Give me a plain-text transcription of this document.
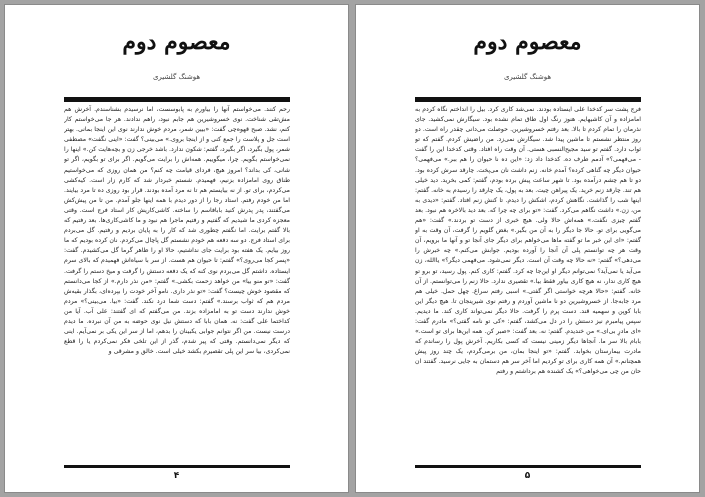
معصوم دوم
هوشنگ گلشیری
رحم کنند. می‌خواستم آنها را بیاورم به پابوسست، اما نرسیدم بشناسندم. آخرش هم مش‌تقی شناخت. نوی خسروشیرین هم جابم نبود، راهم ندادند. هر جا می‌خواستم کار کنم، نشد. صبح قهوه‌چی گفت: «بیین شمر، مردم خوش ندارند نوی این اینجا بمانی. بهتر است جل و پلاست را جمع کنی و از اینجا بروی.» می‌بینی؟ گفت: «اینی نگفت» مصطفی شمر، پول بگیرد، اگر بگیرد، گفتم: شکون ندارد. باشد خرجی زن و بچه‌هایت کن.» اینها را نمی‌خواستم بگویم. چرا، میگوییم. همه‌اش را برایت می‌گویم. اگر برای تو بگویم، اگر تو شانی، کی بداند؟ امروز هیچ، فردای قیامت چه کنم؟ من همان روزی که می‌خواستیم طناق روی امامزاده بزنیم، فهمیدم. شستم خبردار شد که کارم زار است. کیه‌کشی می‌کردم، برای تو. از نه بیایستم هم تا نه مرد آمده بودند. قرار بود روزی ده تا مرد بیایند. اما من خودم رفتم. استاد رجا را از دور دیدم با همه اینها جلو آمدم. من تا من پیش‌کش می‌گفتند، پدر پدرش کنید بابافاسم را ساخته. کاشی‌کاریش کار استاد فرج است. وقتی معجزه کردی ما شیدیم که گفتیم و رفتیم ماجرا هم نبود و ما کاشی‌کاری‌ها. بعد رفتیم که بالا گفتم برایت. اما نگفتم چطوری شد که کار را به پایان بردیم و رفتیم. گل می‌بردم برای استاد فرج. دو سه دفعه هم خودم نشستم گل پاچال می‌کردم. نان کرده بودیم که ما روز بیایم. یک هفته بود برایت جای نداشتیم، حالا او را ظاهر گرما گل می‌کشیدم. گفت: «پسر کجا می‌روی؟» گفتم: تا حیوان هم هست. از سر با سیاه‌اش فهمیدم که بالای سرم ایستاده. داشتم گل می‌بردم نوی کنه که یک دفعه دستش را گرفت و میخ دستم را گرفت. گفت: «تو منو بیا» من خواهد زحمت بکشی.» گفتم: «من نذر دارم.» از کجا می‌دانستم که مقصود خوش چیست؟ گفت: «تو نذر داری. نامو آخر خودت را بپرده‌ای، بگذار بقیه‌ش مردم هم که ثواب برسند.» گفتم: دست شما درد نکند. گفت: «بیا. می‌بینی؟» مردم خوش ندارند دست تو به امامزاده بزند. من می‌گفتم که ای گفتند: علی آب. آیا من کد‌اختما علی گفت: نه. همان بابا که دستش نیل نوی حوضه به من آن نبرده. ما دیدم درست نیست. من اگر نتوانم جوابی یکبینان را بدهم، اما از سر این یکی بر نمی‌آیم. اینی که دیگر نمی‌دانستم. وقتی که پیر شدم، گذر از این تلخی فکر نمی‌کردم یا را قطع نمی‌کردی، بیا سر این پلی تقصیرم بکشد خیلی است. خالق و مشرقی و
۴
معصوم دوم
هوشنگ گلشیری
فرج پشت سر کدخدا علی ایستاده بودند. نمی‌شد کاری کرد. بیل را انداختم نگاه کردم به امامزاده و آن کاشیهایم. هنوز رنگ اول طاق تمام نشده بود. سیگارش نمی‌کشید. جای نذرمان را تمام کردم تا بالا. بعد رفتم خسروشیرین. حوصلت می‌دانی چقدر راه است. دو روز منتظر نشستم تا ماشین پیدا شد. سیگارش نمی‌زد. من راضیش کردم. گفتم که تو ثواب دارد. گفتم تو سید مجیح‌النسبی هستی. آن وقت راه افتاد. وقتی کدخدا این را گفت - می‌فهمی؟» آدمم طرف ده. کدخدا داد زد: «این ده نا حیوان را هم ببر.» می‌فهمی؟ حیوان دیگر چه گناهی کرده؟ آمدم خانه. زنم داشت نان می‌پخت. چارقد سرش کرده بود. دو تا هم چشم درآمده بود. تا شهر ساعت پیش برده بودم، گفتم: کمی بخرید. دید خیلی هم تند. چارقد زنم خرید. یک پیراهن چیت. بعد به پول، یک چارقد را رسیدم به خانه. گفتم: اینها شب را گذاشت. نگاهش کردم، اشکش را دیدم. تا کنش زنم افتاد. گفتم: «دیدی به من، زن.» داشت نگاهم می‌کرد. گفت: «تو برای چه چرا که. بعد دید بالاخره هم نبود. بعد گفتم چیزی نگفت.» همه‌اش حالا ولی. هیچ خبری از دست تو بردند.» گفت: «هم می‌گویی برای تو. حالا جا دیگر را به آن من بگیر.» بغض گلویم را گرفت، آن وقت به او گفتم: «ای این خبر ما تو گفته ما‌ها می‌خواهم برای دیگر جای آنجا تو و آنها ما برویم، آن وقت هر چه توانستم پلی آن آنجا را آورده بودیم. جوابش می‌کنم.» چه خبرش را می‌دهی؟» گفتم: «نه حالا چه وقت آن است. دیگر نمی‌شود. می‌فهمی دیگر؟» یاالله، زن می‌آید یا نمی‌آید؟ نمی‌توانم دیگر او این‌جا چه کرد. گفتم: کاری کنم. پول رسید، تو برو تو هیچ کاری ندار، نه هیچ کاری بیاور فقط بیا.» تقصیری ندارد. حالا زنم را می‌توانستم. از آن خانه. گفتم: «حالا هرچه خواستی اگر گفتی.» اسبی رفتم سراغ. چهل حمل. خیلی هم مرد جابه‌جا. از خسروشیرین دو نا ماشین آوردم و رفتم نوی شیرینجان تا. هیچ دیگر این بابا کوپن و سهمیه قند. دست پرم را گرفت. حالا دیگر نمی‌تواند کاری کند. ما دیدیم. سپس پیامبرم نیز دستش را در دل می‌کشد، گفتم: «کی تو نامه گفتی؟» مادرم گفت: «ای مادرِ بی‌ای.» من خندیدم. گفتم: نه. بعد گفت: «صبر کن. همه این‌ها برای تو است.» بابام بالا سر ما. آنجاها دیگر زمینی نیست که کسی بکاریم. آخرش پول را رساندم که مادرت بیمارستان بخوابد. گفتم: «تو اینجا بمان، من برمی‌گردم، یک چند روز پیش همچنانم.» آن همه کاری برای تو کردیم اما آخر سر هم دستمان به جایی نرسید. گفتند ان حان من چی می‌خواهی؟» یک کشنده هم برداشتم و رفتم
۵
